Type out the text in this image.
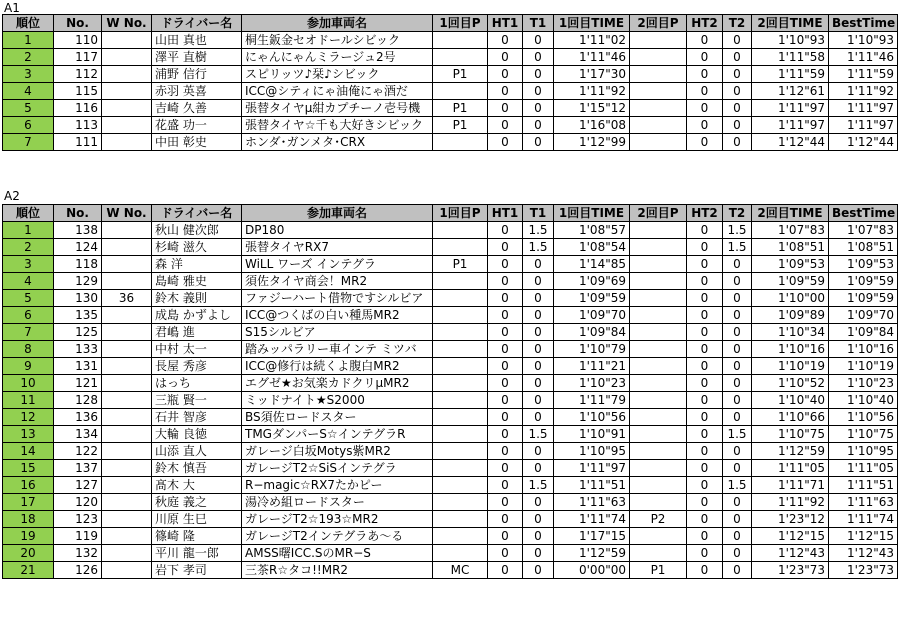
A1
順位	No.	W No.	ドライバー名	参加車両名	1回目P	HT1	T1	1回目TIME	2回目P	HT2	T2	2回目TIME	BestTime
1	110		山田 真也	桐生鈑金セオドールシビック		0	0	1'11"02		0	0	1'10"93	1'10"93
2	117		澤平 直樹	にゃんにゃんミラージュ2号		0	0	1'11"46		0	0	1'11"58	1'11"46
3	112		浦野 信行	スピリッツ♪栞♪シビック	P1	0	0	1'17"30		0	0	1'11"59	1'11"59
4	115		赤羽 英喜	ICC@シティにゃ油俺にゃ酒だ		0	0	1'11"92		0	0	1'12"61	1'11"92
5	116		吉崎 久善	張替タイヤμ紺カプチーノ壱号機	P1	0	0	1'15"12		0	0	1'11"97	1'11"97
6	113		花盛 功一	張替タイヤ☆千も大好きシビック	P1	0	0	1'16"08		0	0	1'11"97	1'11"97
7	111		中田 彰史	ホンダ･ガンメタ･CRX		0	0	1'12"99		0	0	1'12"44	1'12"44
A2
順位	No.	W No.	ドライバー名	参加車両名	1回目P	HT1	T1	1回目TIME	2回目P	HT2	T2	2回目TIME	BestTime
1	138		秋山 健次郎	DP180		0	1.5	1'08"57		0	1.5	1'07"83	1'07"83
2	124		杉崎 滋久	張替タイヤRX7		0	1.5	1'08"54		0	1.5	1'08"51	1'08"51
3	118		森 洋	WiLL ワーズ インテグラ	P1	0	0	1'14"85		0	0	1'09"53	1'09"53
4	129		島崎 雅史	須佐タイヤ商会！MR2		0	0	1'09"69		0	0	1'09"59	1'09"59
5	130	36	鈴木 義則	ファジーハート借物ですシルビア		0	0	1'09"59		0	0	1'10"00	1'09"59
6	135		成島 かずよし	ICC@つくばの白い種馬MR2		0	0	1'09"70		0	0	1'09"89	1'09"70
7	125		君嶋 進	S15シルビア		0	0	1'09"84		0	0	1'10"34	1'09"84
8	133		中村 太一	踏みッパラリー車インテ ミツバ		0	0	1'10"79		0	0	1'10"16	1'10"16
9	131		長屋 秀彦	ICC@修行は続くよ腹白MR2		0	0	1'11"21		0	0	1'10"19	1'10"19
10	121		はっち	エグゼ★お気楽カドクリμMR2		0	0	1'10"23		0	0	1'10"52	1'10"23
11	128		三瓶 賢一	ミッドナイト★S2000		0	0	1'11"79		0	0	1'10"40	1'10"40
12	136		石井 智彦	BS須佐ロードスター		0	0	1'10"56		0	0	1'10"66	1'10"56
13	134		大輪 良徳	TMGダンパーS☆インテグラR		0	1.5	1'10"91		0	1.5	1'10"75	1'10"75
14	122		山添 直人	ガレージ白坂Motys紫MR2		0	0	1'10"95		0	0	1'12"59	1'10"95
15	137		鈴木 慎吾	ガレージT2☆SiSインテグラ		0	0	1'11"97		0	0	1'11"05	1'11"05
16	127		髙木 大	R−magic☆RX7たかピー		0	1.5	1'11"51		0	1.5	1'11"71	1'11"51
17	120		秋庭 義之	湯冷め組ロードスター		0	0	1'11"63		0	0	1'11"92	1'11"63
18	123		川原 生巳	ガレージT2☆193☆MR2		0	0	1'11"74	P2	0	0	1'23"12	1'11"74
19	119		篠崎 隆	ガレージT2インテグラあ〜る		0	0	1'17"15		0	0	1'12"15	1'12"15
20	132		平川 龍一郎	AMSS曙ICC.SのMR−S		0	0	1'12"59		0	0	1'12"43	1'12"43
21	126		岩下 孝司	三茶R☆タコ!!MR2	MC	0	0	0'00"00	P1	0	0	1'23"73	1'23"73
